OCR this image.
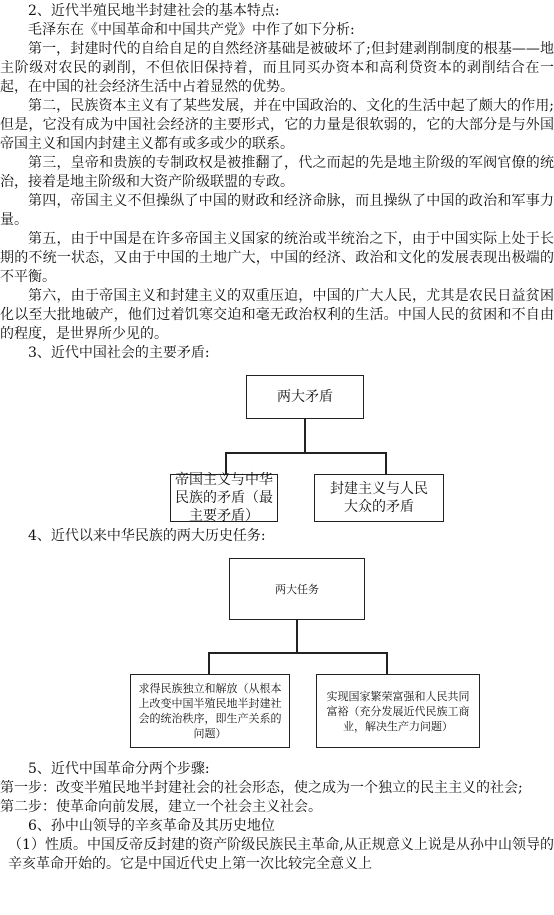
2、近代半殖民地半封建社会的基本特点:

毛泽东在《中国革命和中国共产党》中作了如下分析:

第一，封建时代的自给自足的自然经济基础是被破坏了;但封建剥削制度的根基——地主阶级对农民的剥削，不但依旧保持着，而且同买办资本和高利贷资本的剥削结合在一起，在中国的社会经济生活中占着显然的优势。

第二，民族资本主义有了某些发展，并在中国政治的、文化的生活中起了颇大的作用;但是，它没有成为中国社会经济的主要形式，它的力量是很软弱的，它的大部分是与外国帝国主义和国内封建主义都有或多或少的联系。

第三，皇帝和贵族的专制政权是被推翻了，代之而起的先是地主阶级的军阀官僚的统治，接着是地主阶级和大资产阶级联盟的专政。

第四，帝国主义不但操纵了中国的财政和经济命脉，而且操纵了中国的政治和军事力量。

第五，由于中国是在许多帝国主义国家的统治或半统治之下，由于中国实际上处于长期的不统一状态，又由于中国的土地广大，中国的经济、政治和文化的发展表现出极端的不平衡。

第六，由于帝国主义和封建主义的双重压迫，中国的广大人民，尤其是农民日益贫困化以至大批地破产，他们过着饥寒交迫和毫无政治权利的生活。中国人民的贫困和不自由的程度，是世界所少见的。

3、近代中国社会的主要矛盾:

两大矛盾
帝国主义与中华民族的矛盾（最主要矛盾）
封建主义与人民大众的矛盾

4、近代以来中华民族的两大历史任务:

两大任务
求得民族独立和解放（从根本上改变中国半殖民地半封建社会的统治秩序，即生产关系的问题）
实现国家繁荣富强和人民共同富裕（充分发展近代民族工商业，解决生产力问题）

5、近代中国革命分两个步骤:

第一步：改变半殖民地半封建社会的社会形态，使之成为一个独立的民主主义的社会;

第二步：使革命向前发展，建立一个社会主义社会。

6、孙中山领导的辛亥革命及其历史地位

（1）性质。中国反帝反封建的资产阶级民族民主革命,从正规意义上说是从孙中山领导的辛亥革命开始的。它是中国近代史上第一次比较完全意义上
